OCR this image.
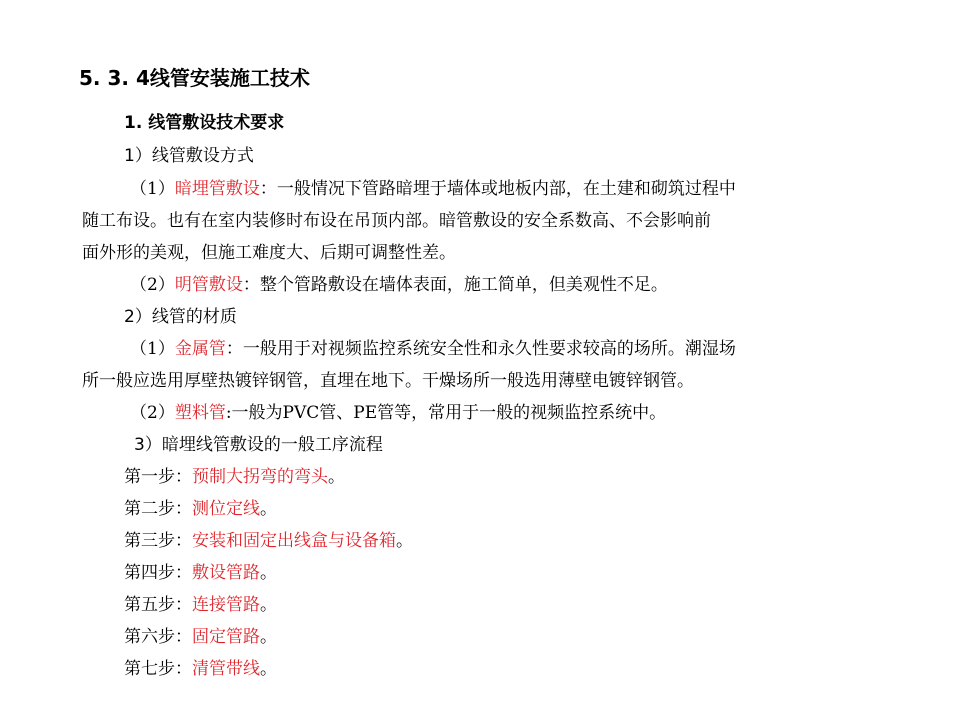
5. 3. 4线管安装施工技术
1. 线管敷设技术要求
1）线管敷设方式
（1）暗埋管敷设：一般情况下管路暗埋于墙体或地板内部，在土建和砌筑过程中
随工布设。也有在室内装修时布设在吊顶内部。暗管敷设的安全系数高、不会影响前
面外形的美观，但施工难度大、后期可调整性差。
（2）明管敷设：整个管路敷设在墙体表面，施工简单，但美观性不足。
2）线管的材质
（1）金属管：一般用于对视频监控系统安全性和永久性要求较高的场所。潮湿场
所一般应选用厚壁热镀锌钢管，直埋在地下。干燥场所一般选用薄壁电镀锌钢管。
（2）塑料管:一般为PVC管、PE管等，常用于一般的视频监控系统中。
3）暗埋线管敷设的一般工序流程
第一步：预制大拐弯的弯头。
第二步：测位定线。
第三步：安装和固定出线盒与设备箱。
第四步：敷设管路。
第五步：连接管路。
第六步：固定管路。
第七步：清管带线。
